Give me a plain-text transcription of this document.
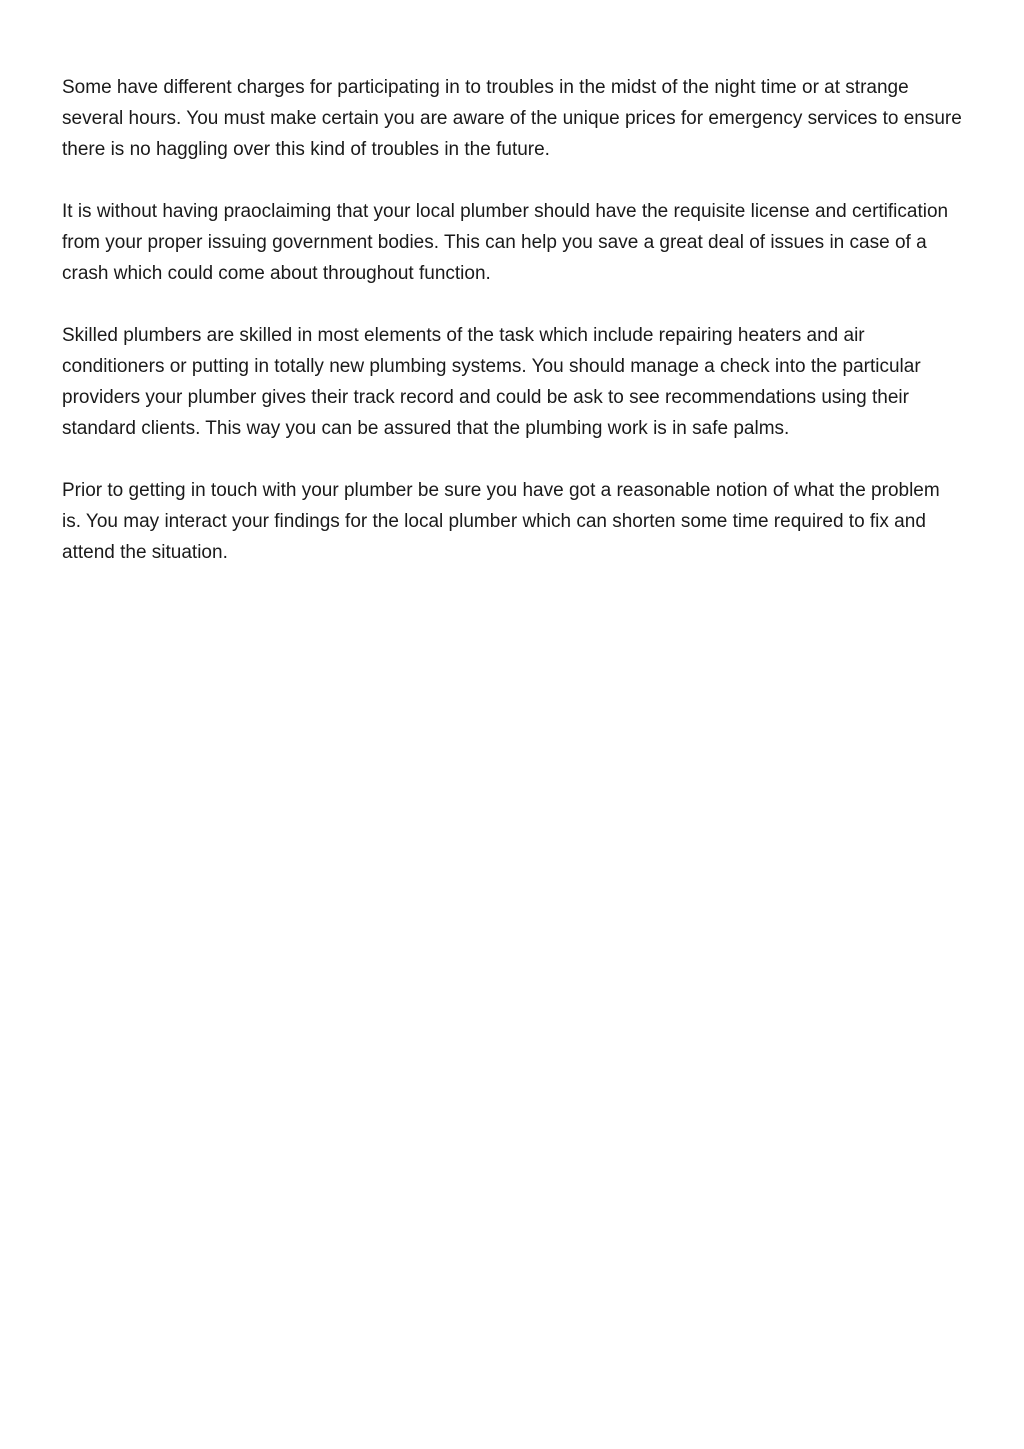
Some have different charges for participating in to troubles in the midst of the night time or at strange several hours. You must make certain you are aware of the unique prices for emergency services to ensure there is no haggling over this kind of troubles in the future.

It is without having praoclaiming that your local plumber should have the requisite license and certification from your proper issuing government bodies. This can help you save a great deal of issues in case of a crash which could come about throughout function.

Skilled plumbers are skilled in most elements of the task which include repairing heaters and air conditioners or putting in totally new plumbing systems. You should manage a check into the particular providers your plumber gives their track record and could be ask to see recommendations using their standard clients. This way you can be assured that the plumbing work is in safe palms.

Prior to getting in touch with your plumber be sure you have got a reasonable notion of what the problem is. You may interact your findings for the local plumber which can shorten some time required to fix and attend the situation.
